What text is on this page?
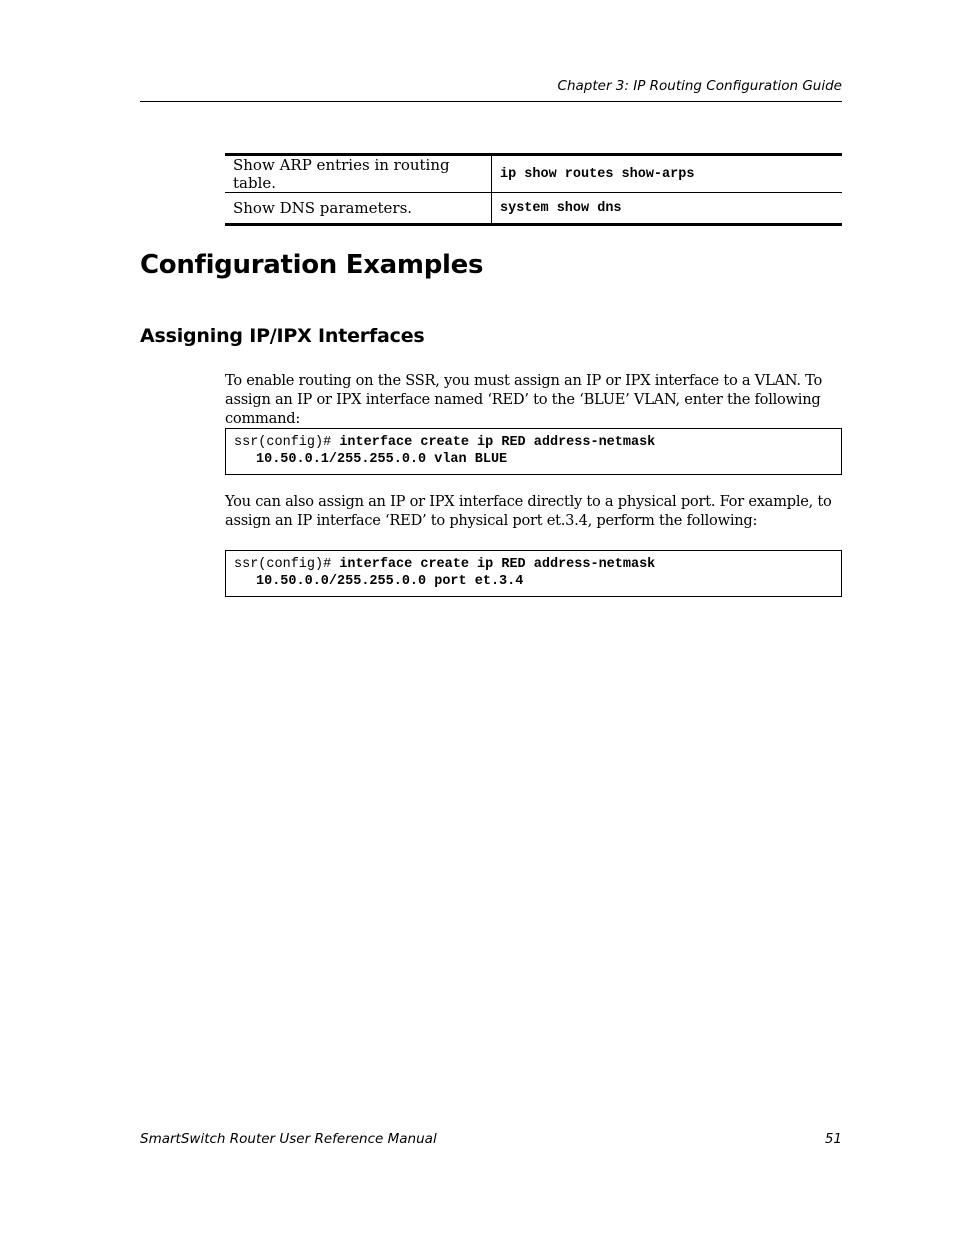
Chapter 3: IP Routing Configuration Guide
Show ARP entries in routing table.	ip show routes show-arps
Show DNS parameters.	system show dns
Configuration Examples
Assigning IP/IPX Interfaces

To enable routing on the SSR, you must assign an IP or IPX interface to a VLAN. To assign an IP or IPX interface named ‘RED’ to the ‘BLUE’ VLAN, enter the following command:

ssr(config)# interface create ip RED address-netmask
10.50.0.1/255.255.0.0 vlan BLUE

You can also assign an IP or IPX interface directly to a physical port. For example, to assign an IP interface ‘RED’ to physical port et.3.4, perform the following:

ssr(config)# interface create ip RED address-netmask
10.50.0.0/255.255.0.0 port et.3.4
SmartSwitch Router User Reference Manual	51
